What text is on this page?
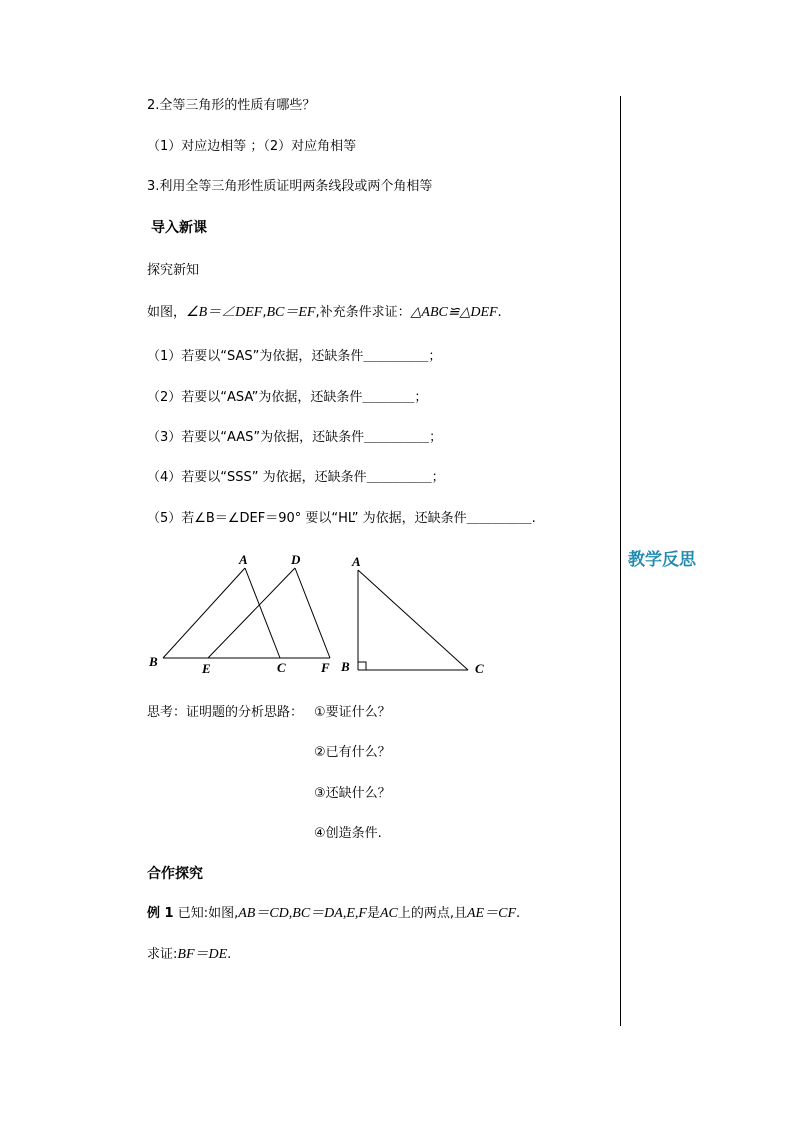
2.全等三角形的性质有哪些？
（1）对应边相等 ；（2）对应角相等
3.利用全等三角形性质证明两条线段或两个角相等
导入新课
探究新知
如图，∠B＝∠DEF,BC＝EF,补充条件求证：△ABC≌△DEF.
（1）若要以“SAS”为依据，还缺条件＿＿＿＿＿；
（2）若要以“ASA”为依据，还缺条件＿＿＿＿；
（3）若要以“AAS”为依据，还缺条件＿＿＿＿＿；
（4）若要以“SSS” 为依据，还缺条件＿＿＿＿＿；
（5）若∠B＝∠DEF＝90° 要以“HL” 为依据，还缺条件＿＿＿＿＿.
A	D
B	E	C	F
A
B	C
思考：证明题的分析思路： ①要证什么？
②已有什么？
③还缺什么？
④创造条件.
合作探究
例 1 已知:如图,AB＝CD,BC＝DA,E,F是AC上的两点,且AE＝CF.
求证:BF＝DE.
教学反思
